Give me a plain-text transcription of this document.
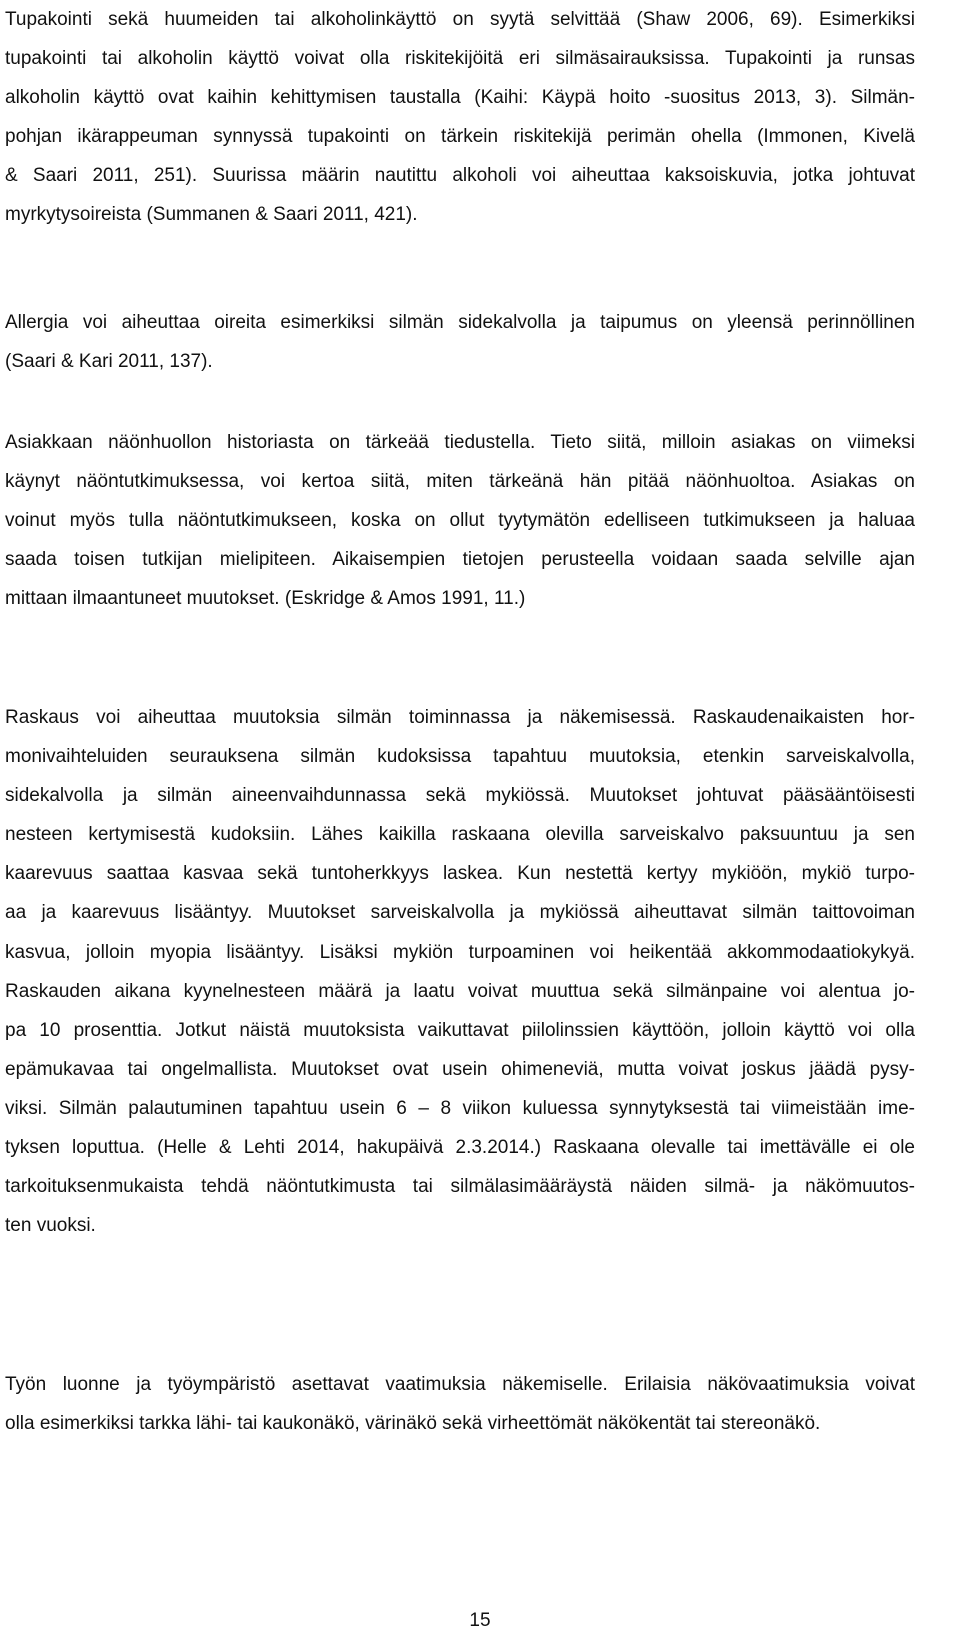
Tupakointi sekä huumeiden tai alkoholinkäyttö on syytä selvittää (Shaw 2006, 69). Esimerkiksi
tupakointi tai alkoholin käyttö voivat olla riskitekijöitä eri silmäsairauksissa. Tupakointi ja runsas
alkoholin käyttö ovat kaihin kehittymisen taustalla (Kaihi: Käypä hoito -suositus 2013, 3). Silmän-
pohjan ikärappeuman synnyssä tupakointi on tärkein riskitekijä perimän ohella (Immonen, Kivelä
& Saari 2011, 251). Suurissa määrin nautittu alkoholi voi aiheuttaa kaksoiskuvia, jotka johtuvat
myrkytysoireista (Summanen & Saari 2011, 421).
Allergia voi aiheuttaa oireita esimerkiksi silmän sidekalvolla ja taipumus on yleensä perinnöllinen
(Saari & Kari 2011, 137).
Asiakkaan näönhuollon historiasta on tärkeää tiedustella. Tieto siitä, milloin asiakas on viimeksi
käynyt näöntutkimuksessa, voi kertoa siitä, miten tärkeänä hän pitää näönhuoltoa. Asiakas on
voinut myös tulla näöntutkimukseen, koska on ollut tyytymätön edelliseen tutkimukseen ja haluaa
saada toisen tutkijan mielipiteen. Aikaisempien tietojen perusteella voidaan saada selville ajan
mittaan ilmaantuneet muutokset. (Eskridge & Amos 1991, 11.)
Raskaus voi aiheuttaa muutoksia silmän toiminnassa ja näkemisessä. Raskaudenaikaisten hor-
monivaihteluiden seurauksena silmän kudoksissa tapahtuu muutoksia, etenkin sarveiskalvolla,
sidekalvolla ja silmän aineenvaihdunnassa sekä mykiössä. Muutokset johtuvat pääsääntöisesti
nesteen kertymisestä kudoksiin. Lähes kaikilla raskaana olevilla sarveiskalvo paksuuntuu ja sen
kaarevuus saattaa kasvaa sekä tuntoherkkyys laskea. Kun nestettä kertyy mykiöön, mykiö turpo-
aa ja kaarevuus lisääntyy. Muutokset sarveiskalvolla ja mykiössä aiheuttavat silmän taittovoiman
kasvua, jolloin myopia lisääntyy. Lisäksi mykiön turpoaminen voi heikentää akkommodaatiokykyä.
Raskauden aikana kyynelnesteen määrä ja laatu voivat muuttua sekä silmänpaine voi alentua jo-
pa 10 prosenttia. Jotkut näistä muutoksista vaikuttavat piilolinssien käyttöön, jolloin käyttö voi olla
epämukavaa tai ongelmallista. Muutokset ovat usein ohimeneviä, mutta voivat joskus jäädä pysy-
viksi. Silmän palautuminen tapahtuu usein 6 – 8 viikon kuluessa synnytyksestä tai viimeistään ime-
tyksen loputtua. (Helle & Lehti 2014, hakupäivä 2.3.2014.) Raskaana olevalle tai imettävälle ei ole
tarkoituksenmukaista tehdä näöntutkimusta tai silmälasimääräystä näiden silmä- ja näkömuutos-
ten vuoksi.
Työn luonne ja työympäristö asettavat vaatimuksia näkemiselle. Erilaisia näkövaatimuksia voivat
olla esimerkiksi tarkka lähi- tai kaukonäkö, värinäkö sekä virheettömät näkökentät tai stereonäkö.
15
